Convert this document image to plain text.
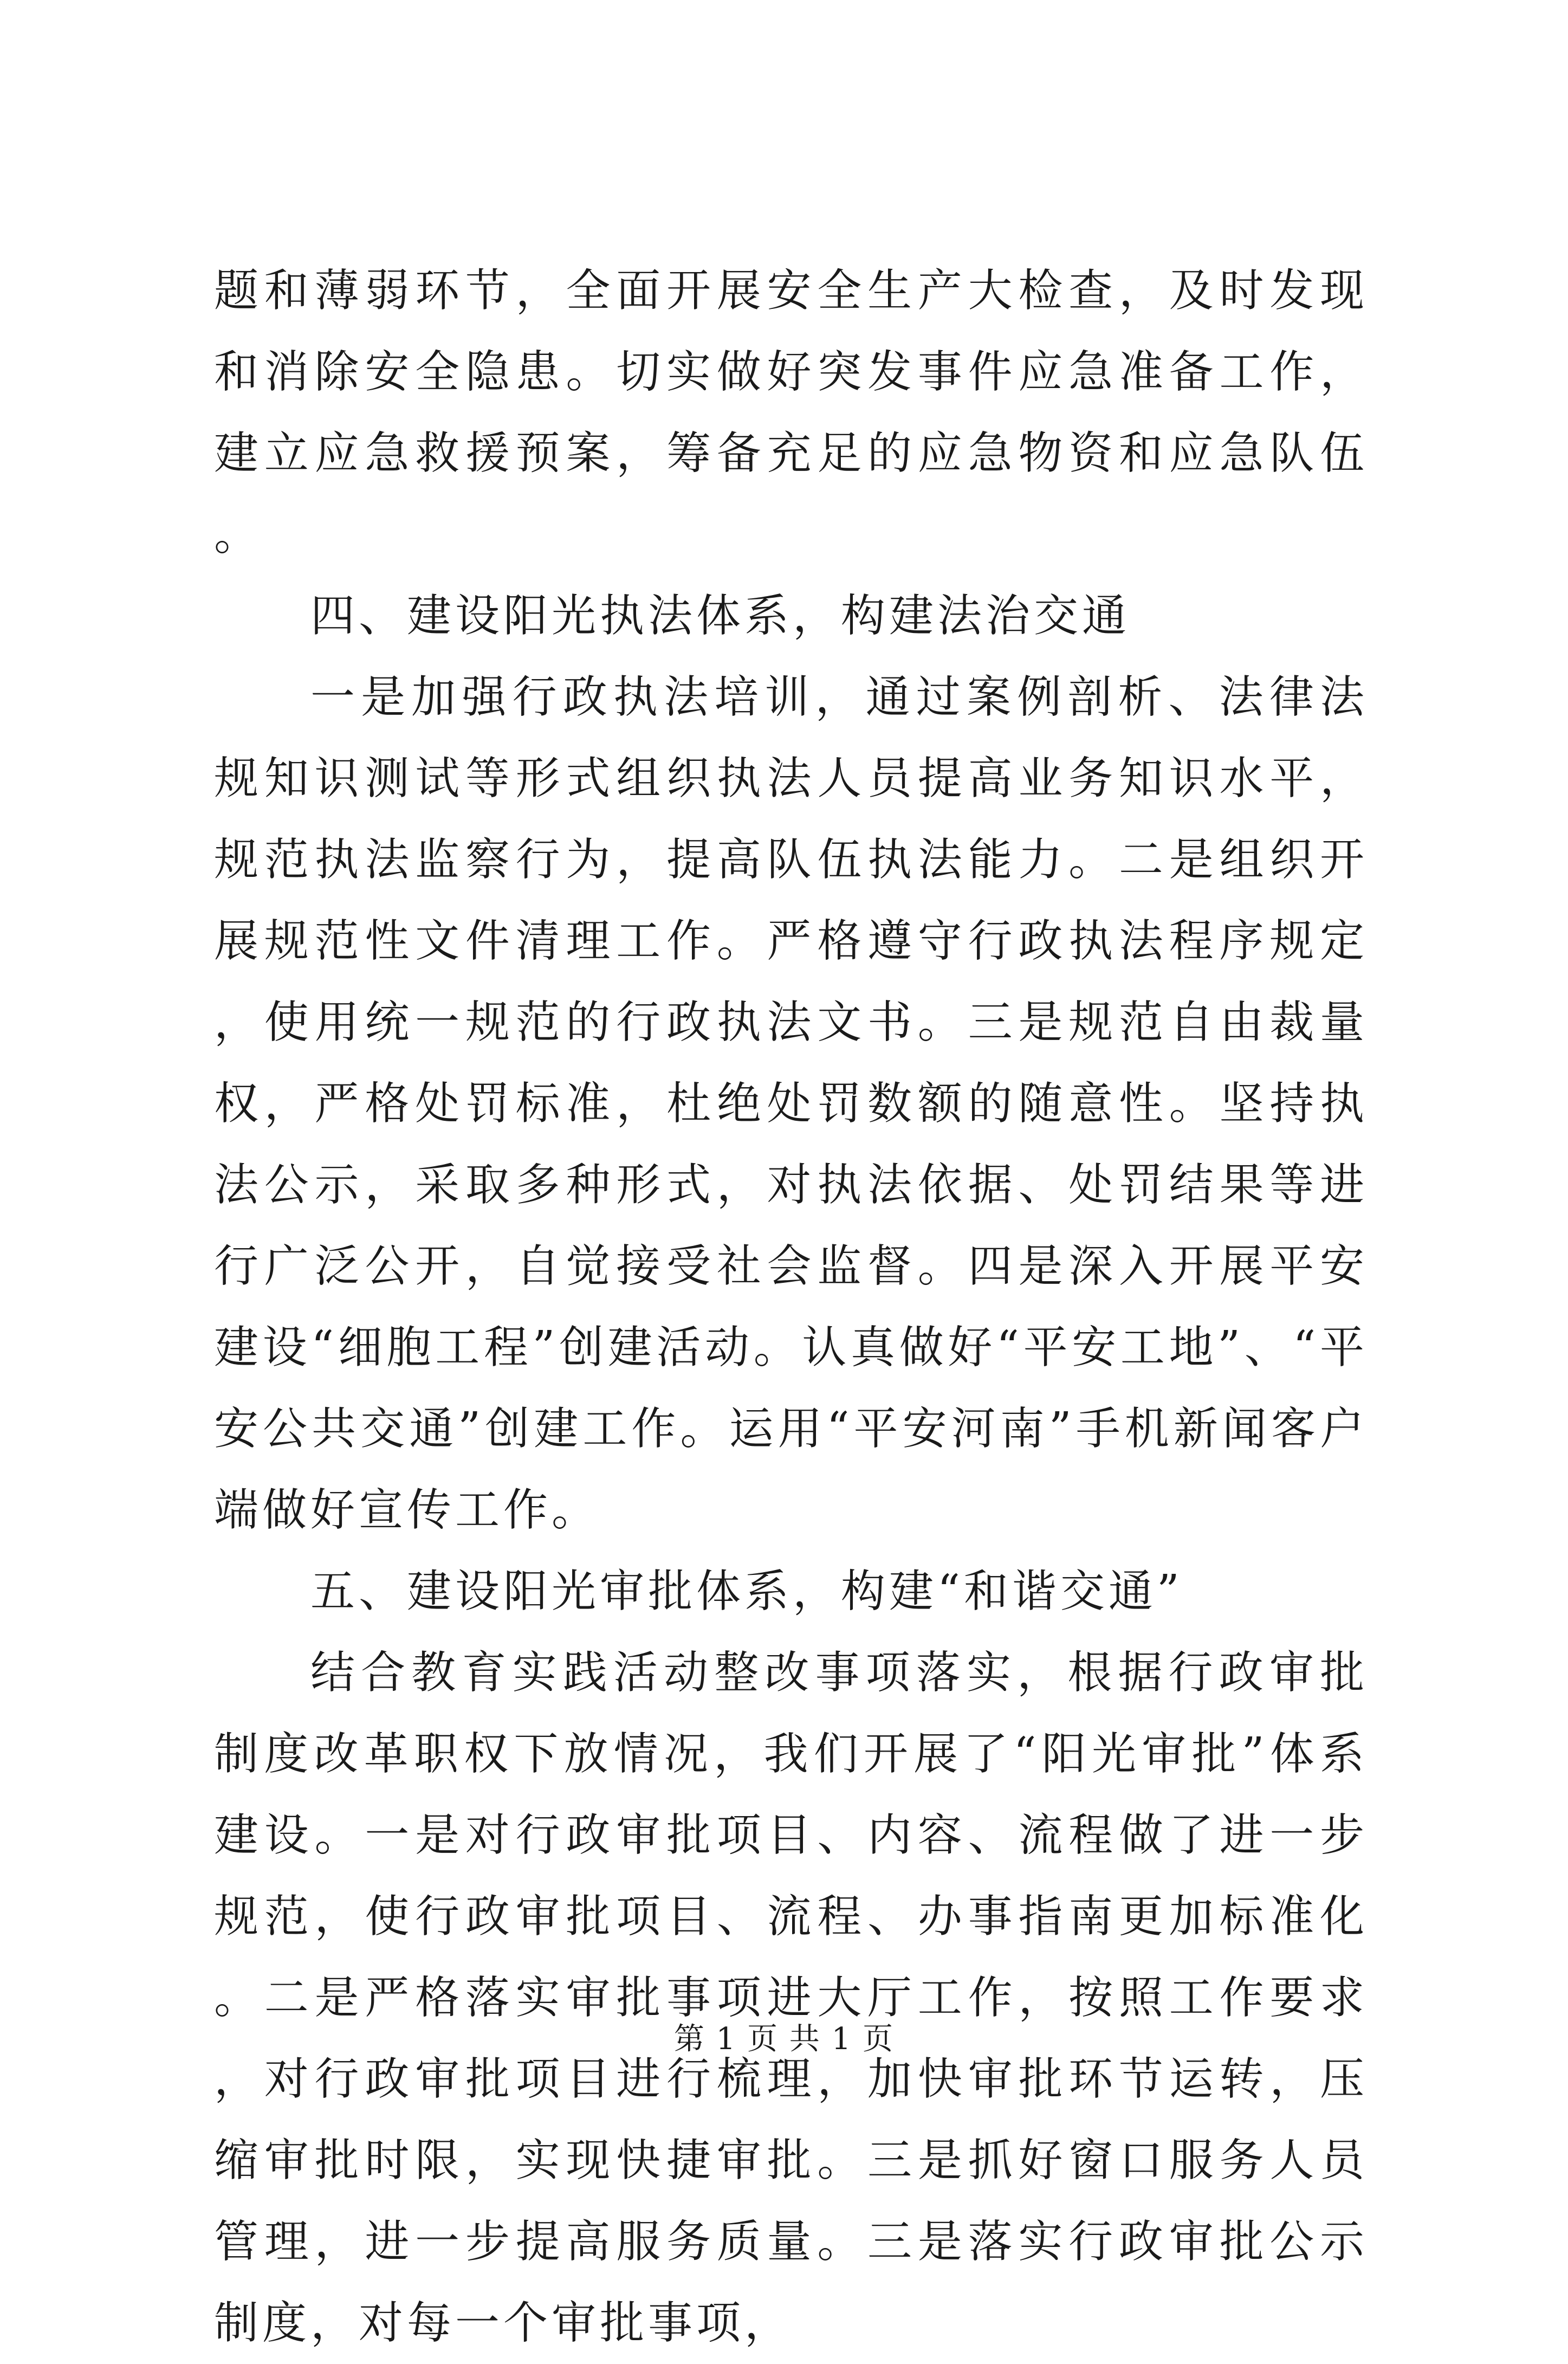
题和薄弱环节，全面开展安全生产大检查，及时发现和消除安全隐患。切实做好突发事件应急准备工作，建立应急救援预案，筹备充足的应急物资和应急队伍。

四、建设阳光执法体系，构建法治交通

一是加强行政执法培训，通过案例剖析、法律法规知识测试等形式组织执法人员提高业务知识水平，规范执法监察行为，提高队伍执法能力。二是组织开展规范性文件清理工作。严格遵守行政执法程序规定，使用统一规范的行政执法文书。三是规范自由裁量权，严格处罚标准，杜绝处罚数额的随意性。坚持执法公示，采取多种形式，对执法依据、处罚结果等进行广泛公开，自觉接受社会监督。四是深入开展平安建设“细胞工程”创建活动。认真做好“平安工地”、“平安公共交通”创建工作。运用“平安河南”手机新闻客户端做好宣传工作。

五、建设阳光审批体系，构建“和谐交通”

结合教育实践活动整改事项落实，根据行政审批制度改革职权下放情况，我们开展了“阳光审批”体系建设。一是对行政审批项目、内容、流程做了进一步规范，使行政审批项目、流程、办事指南更加标准化。二是严格落实审批事项进大厅工作，按照工作要求，对行政审批项目进行梳理，加快审批环节运转，压缩审批时限，实现快捷审批。三是抓好窗口服务人员管理，进一步提高服务质量。三是落实行政审批公示制度，对每一个审批事项，

第 1 页 共 1 页
